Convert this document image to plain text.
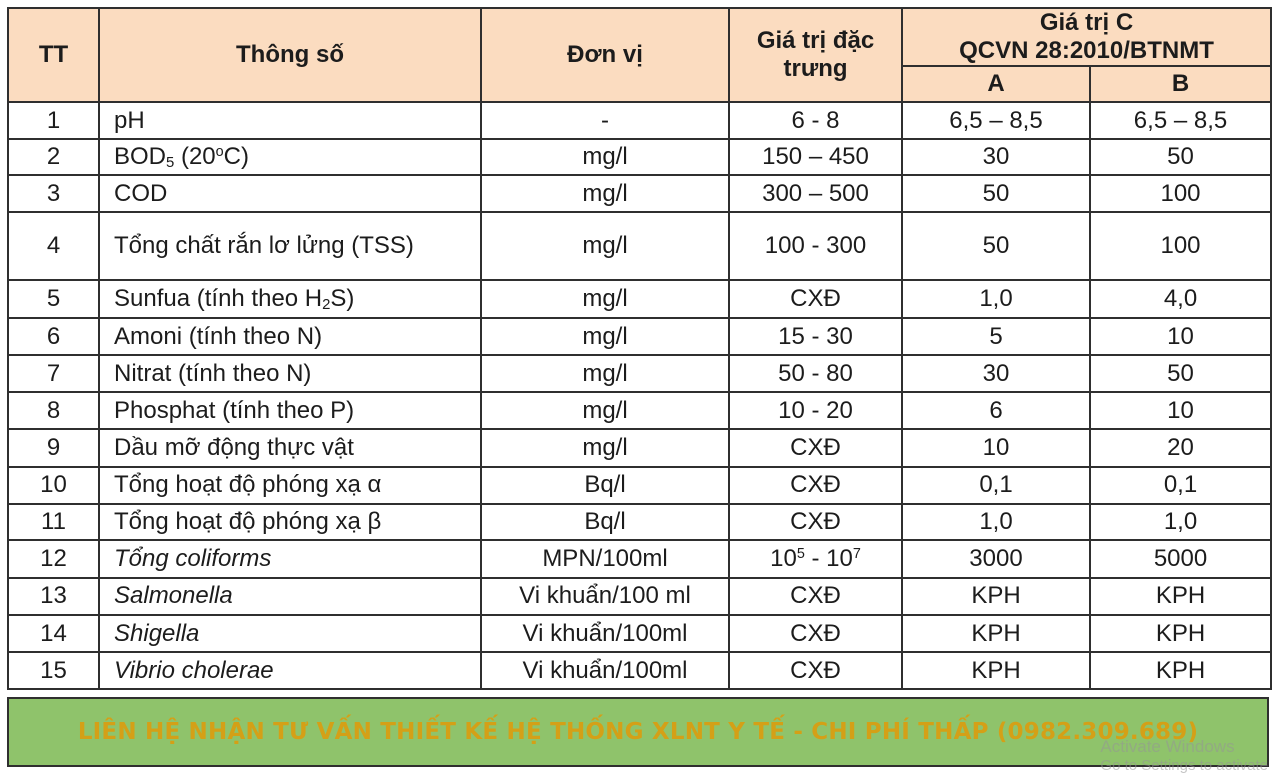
TT	Thông số	Đơn vị	Giá trị đặc trưng	Giá trị C
QCVN 28:2010/BTNMT	

				A	B
1	pH	-	6 - 8	6,5 – 8,5	6,5 – 8,5
2	$BOD_5$ (20$^o$C)	mg/l	150 – 450	30	50
3	COD	mg/l	300 – 500	50	100
4	Tổng chất rắn lơ lửng (TSS)	mg/l	100 - 300	50	100
5	Sunfua (tính theo $H_2S$)	mg/l	CXĐ	1,0	4,0
6	Amoni (tính theo N)	mg/l	15 - 30	5	10
7	Nitrat (tính theo N)	mg/l	50 - 80	30	50
8	Phosphat (tính theo P)	mg/l	10 - 20	6	10
9	Dầu mỡ động thực vật	mg/l	CXĐ	10	20
10	Tổng hoạt độ phóng xạ α	Bq/l	CXĐ	0,1	0,1
11	Tổng hoạt độ phóng xạ β	Bq/l	CXĐ	1,0	1,0
12	Tổng coliforms	MPN/100ml	$10^5 - 10^7$	3000	5000
13	Salmonella	Vi khuẩn/100 ml	CXĐ	KPH	KPH
14	Shigella	Vi khuẩn/100ml	CXĐ	KPH	KPH
15	Vibrio cholerae	Vi khuẩn/100ml	CXĐ	KPH	KPH
LIÊN HỆ NHẬN TƯ VẤN THIẾT KẾ HỆ THỐNG XLNT Y TẾ - CHI PHÍ THẤP (0982.309.689)
Activate Windows
Go to Settings to activate
